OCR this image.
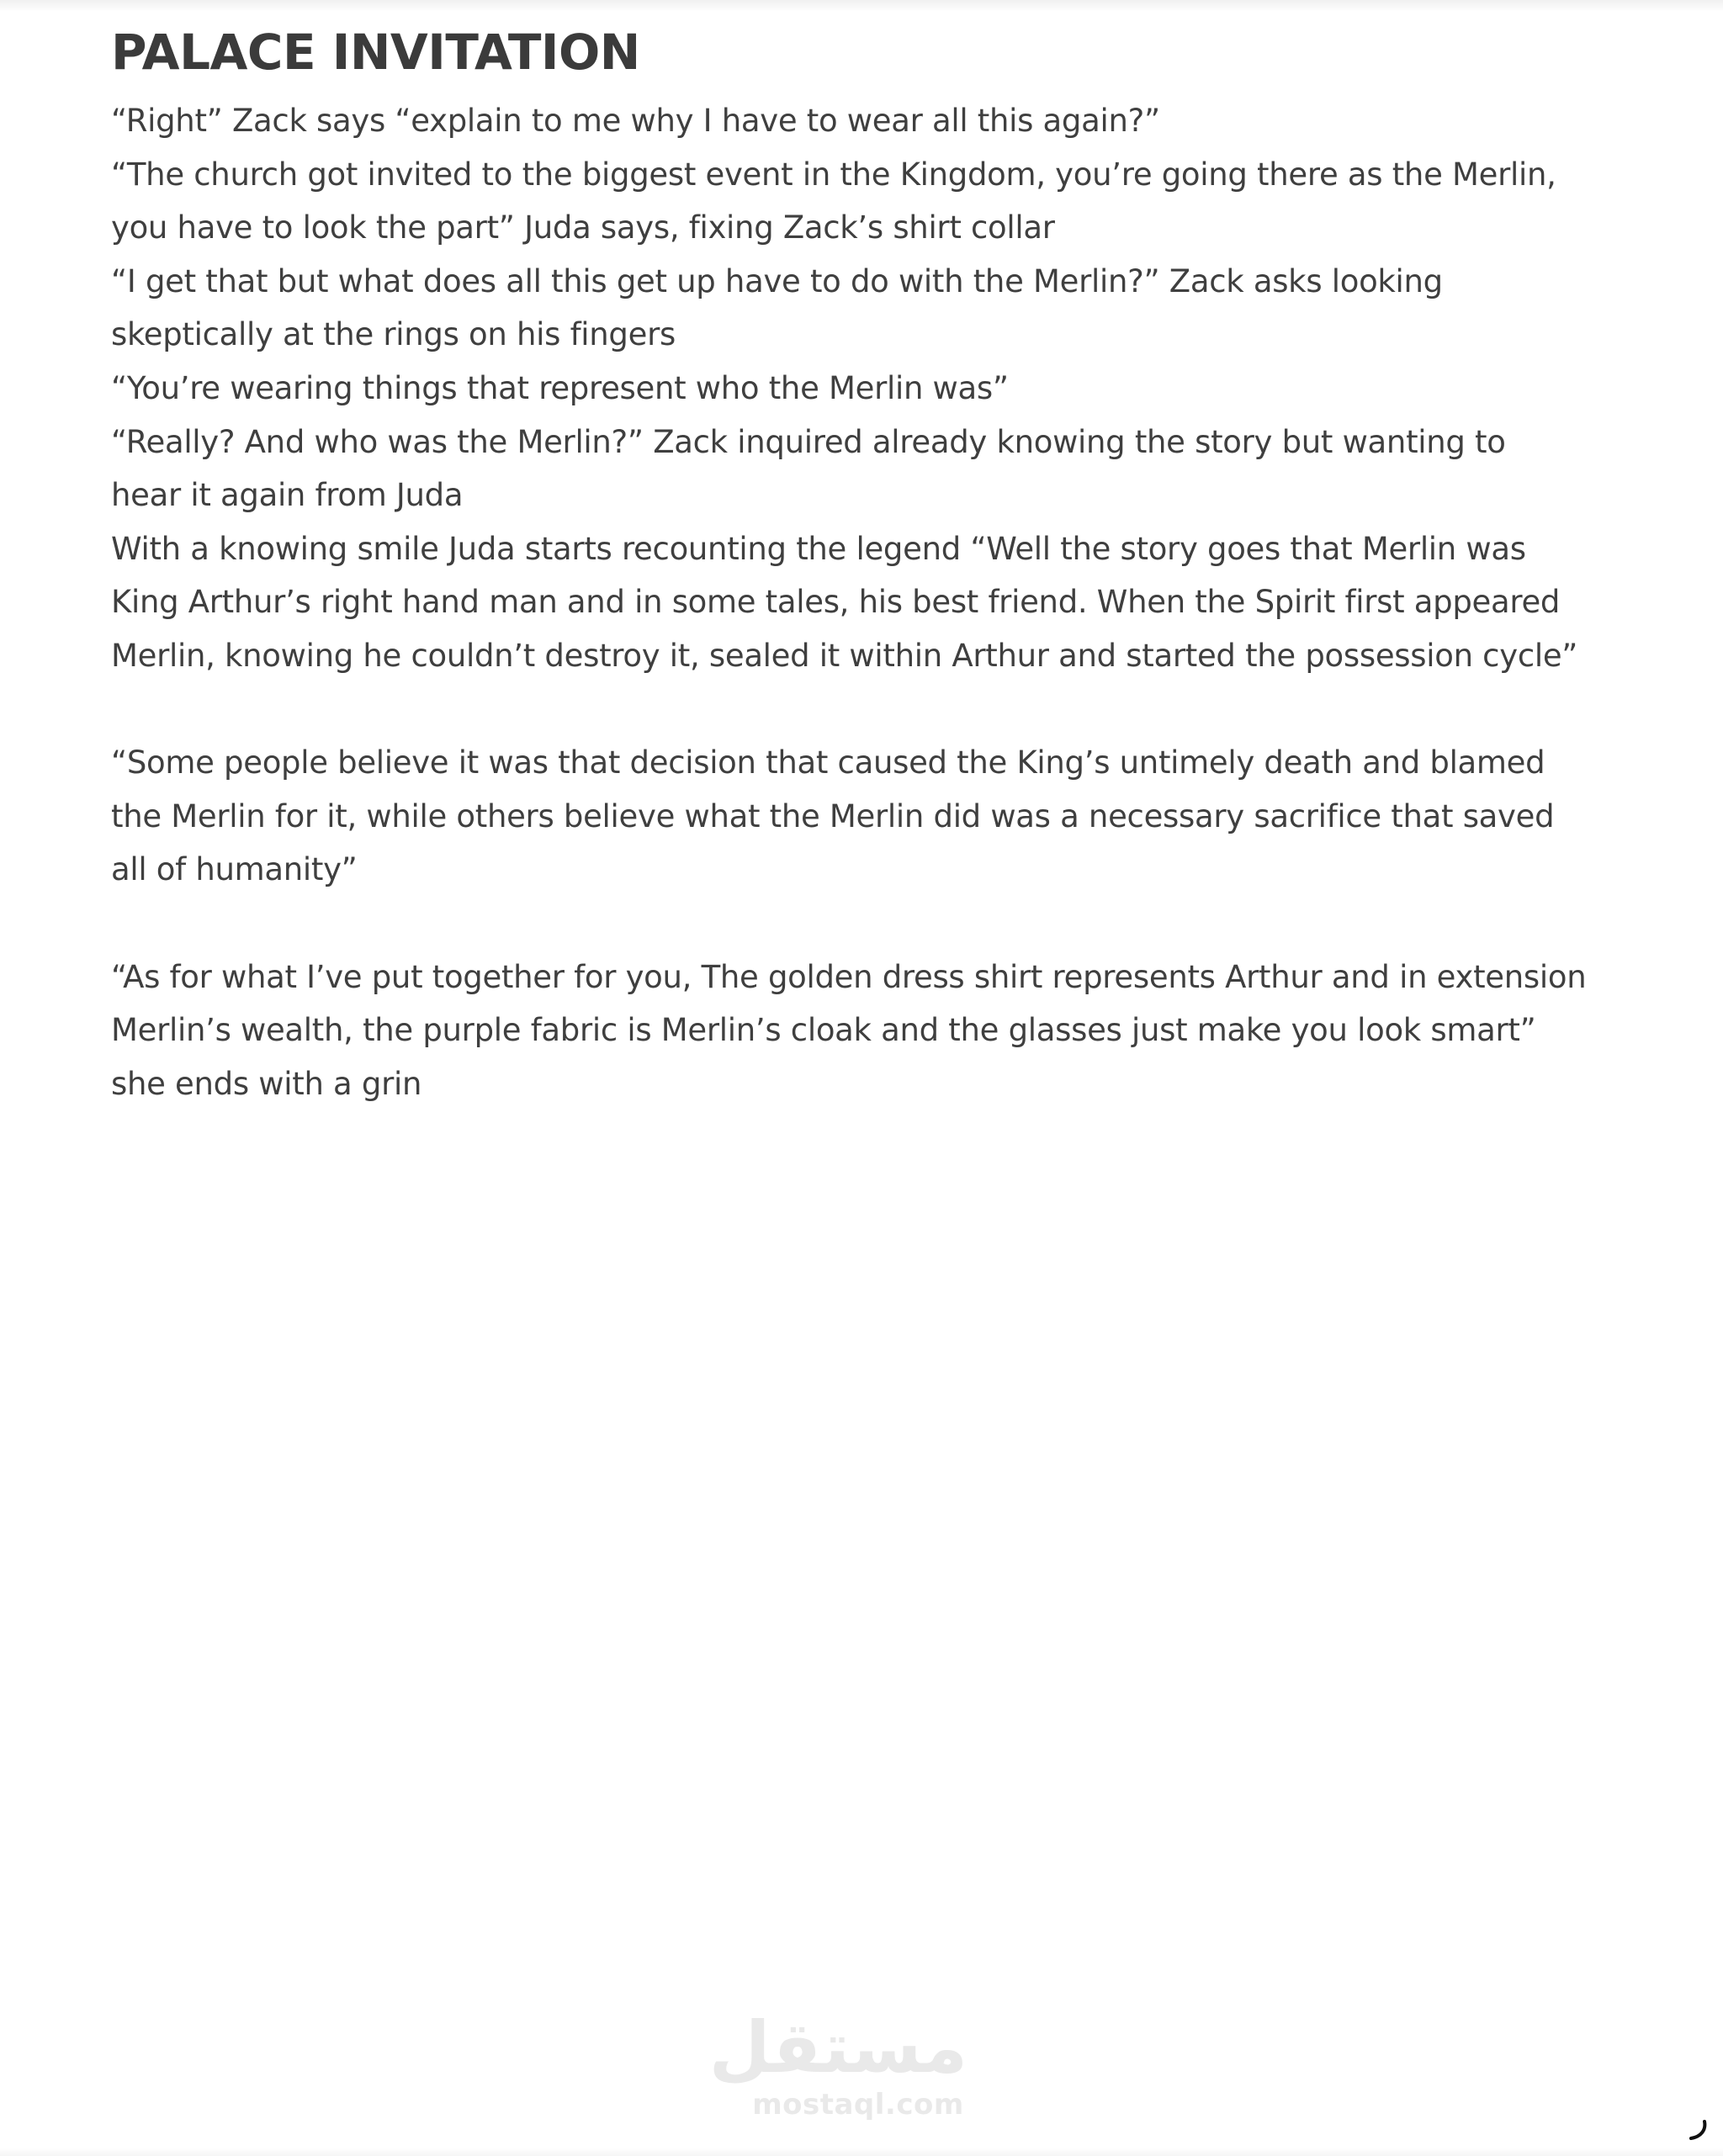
PALACE INVITATION

“Right” Zack says “explain to me why I have to wear all this again?”

“The church got invited to the biggest event in the Kingdom, you’re going there as the Merlin,
you have to look the part” Juda says, fixing Zack’s shirt collar

“I get that but what does all this get up have to do with the Merlin?” Zack asks looking
skeptically at the rings on his fingers

“You’re wearing things that represent who the Merlin was”

“Really? And who was the Merlin?” Zack inquired already knowing the story but wanting to
hear it again from Juda

With a knowing smile Juda starts recounting the legend “Well the story goes that Merlin was
King Arthur’s right hand man and in some tales, his best friend. When the Spirit first appeared
Merlin, knowing he couldn’t destroy it, sealed it within Arthur and started the possession cycle”

“Some people believe it was that decision that caused the King’s untimely death and blamed
the Merlin for it, while others believe what the Merlin did was a necessary sacrifice that saved
all of humanity”

“As for what I’ve put together for you, The golden dress shirt represents Arthur and in extension
Merlin’s wealth, the purple fabric is Merlin’s cloak and the glasses just make you look smart”
she ends with a grin

مستقل
mostaql.com
